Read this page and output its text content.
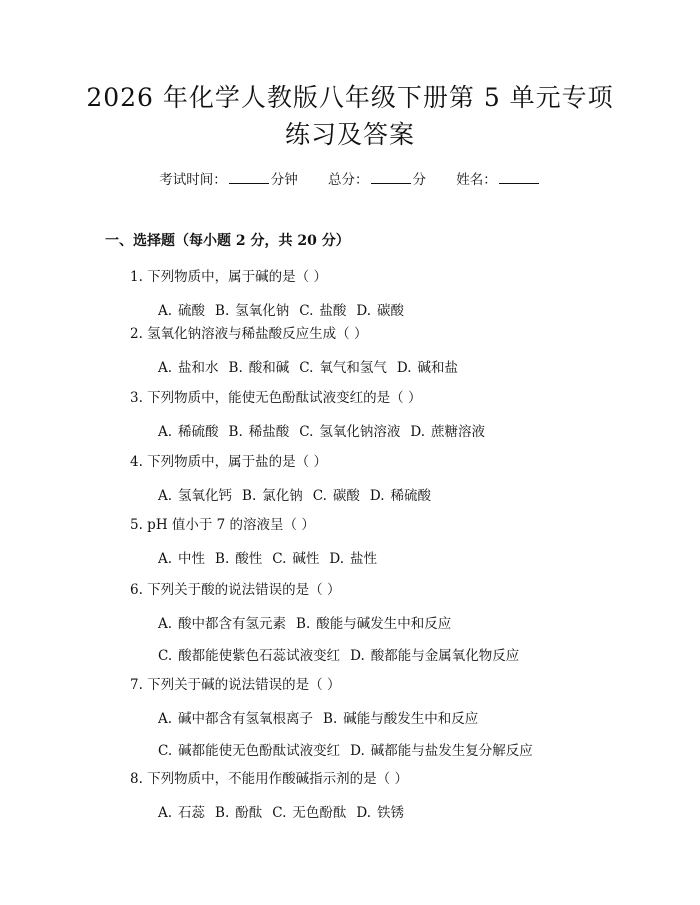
2026 年化学人教版八年级下册第 5 单元专项
练习及答案
考试时间：	分钟 总分：	分 姓名：
一、选择题（每小题 2 分，共 20 分）
1. 下列物质中，属于碱的是（ ）
A. 硫酸 B. 氢氧化钠 C. 盐酸 D. 碳酸
2. 氢氧化钠溶液与稀盐酸反应生成（ ）
A. 盐和水 B. 酸和碱 C. 氧气和氢气 D. 碱和盐
3. 下列物质中，能使无色酚酞试液变红的是（ ）
A. 稀硫酸 B. 稀盐酸 C. 氢氧化钠溶液 D. 蔗糖溶液
4. 下列物质中，属于盐的是（ ）
A. 氢氧化钙 B. 氯化钠 C. 碳酸 D. 稀硫酸
5. pH 值小于 7 的溶液呈（ ）
A. 中性 B. 酸性 C. 碱性 D. 盐性
6. 下列关于酸的说法错误的是（ ）
A. 酸中都含有氢元素 B. 酸能与碱发生中和反应
C. 酸都能使紫色石蕊试液变红 D. 酸都能与金属氧化物反应
7. 下列关于碱的说法错误的是（ ）
A. 碱中都含有氢氧根离子 B. 碱能与酸发生中和反应
C. 碱都能使无色酚酞试液变红 D. 碱都能与盐发生复分解反应
8. 下列物质中，不能用作酸碱指示剂的是（ ）
A. 石蕊 B. 酚酞 C. 无色酚酞 D. 铁锈
